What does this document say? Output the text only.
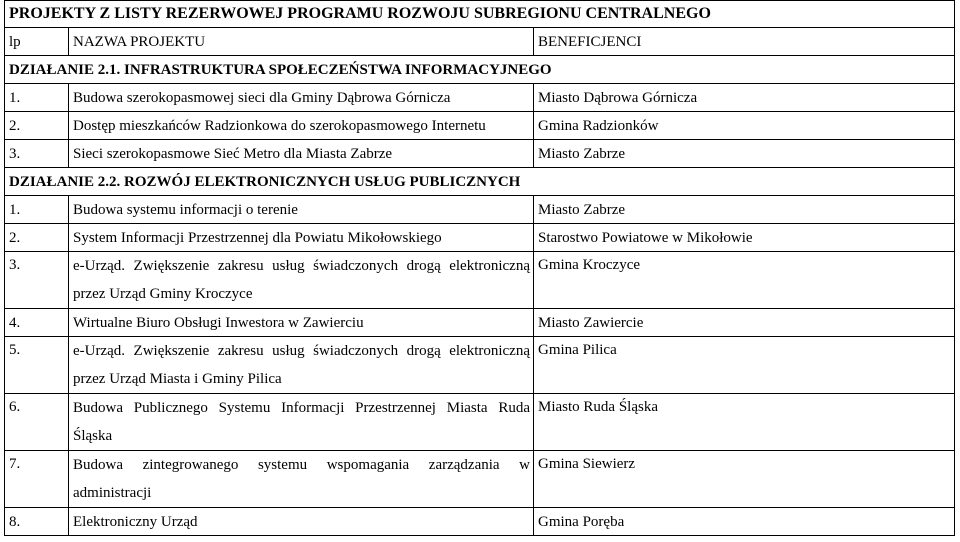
PROJEKTY Z LISTY REZERWOWEJ PROGRAMU ROZWOJU SUBREGIONU CENTRALNEGO		
lp	NAZWA PROJEKTU	BENEFICJENCI
DZIAŁANIE 2.1. INFRASTRUKTURA SPOŁECZEŃSTWA INFORMACYJNEGO		
1.	Budowa szerokopasmowej sieci dla Gminy Dąbrowa Górnicza	Miasto Dąbrowa Górnicza
2.	Dostęp mieszkańców Radzionkowa do szerokopasmowego Internetu	Gmina Radzionków
3.	Sieci szerokopasmowe Sieć Metro dla Miasta Zabrze	Miasto Zabrze
DZIAŁANIE 2.2. ROZWÓJ ELEKTRONICZNYCH USŁUG PUBLICZNYCH		
1.	Budowa systemu informacji o terenie	Miasto Zabrze
2.	System Informacji Przestrzennej dla Powiatu Mikołowskiego	Starostwo Powiatowe w Mikołowie
3.	e-Urząd. Zwiększenie zakresu usług świadczonych drogą elektroniczną przez Urząd Gminy Kroczyce	Gmina Kroczyce
4.	Wirtualne Biuro Obsługi Inwestora w Zawierciu	Miasto Zawiercie
5.	e-Urząd. Zwiększenie zakresu usług świadczonych drogą elektroniczną przez Urząd Miasta i Gminy Pilica	Gmina Pilica
6.	Budowa Publicznego Systemu Informacji Przestrzennej Miasta Ruda Śląska	Miasto Ruda Śląska
7.	Budowa zintegrowanego systemu wspomagania zarządzania w administracji	Gmina Siewierz
8.	Elektroniczny Urząd	Gmina Poręba
